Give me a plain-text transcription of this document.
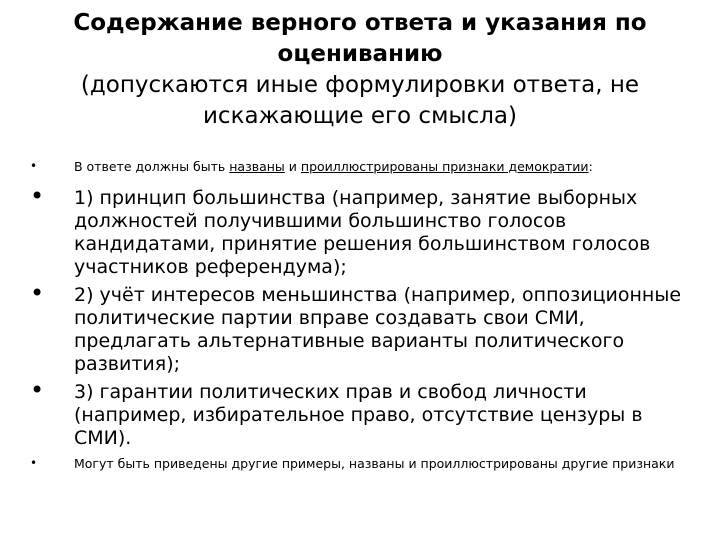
Содержание верного ответа и указания по оцениванию
(допускаются иные формулировки ответа, не искажающие его смысла)
•	В ответе должны быть названы и проиллюстрированы признаки демократии:
• 1) принцип большинства (например, занятие выборных должностей получившими большинство голосов кандидатами, принятие решения большинством голосов участников референдума);
• 2) учёт интересов меньшинства (например, оппозиционные политические партии вправе создавать свои СМИ, предлагать альтернативные варианты политического развития);
• 3) гарантии политических прав и свобод личности (например, избирательное право, отсутствие цензуры в СМИ).
•	Могут быть приведены другие примеры, названы и проиллюстрированы другие признаки
